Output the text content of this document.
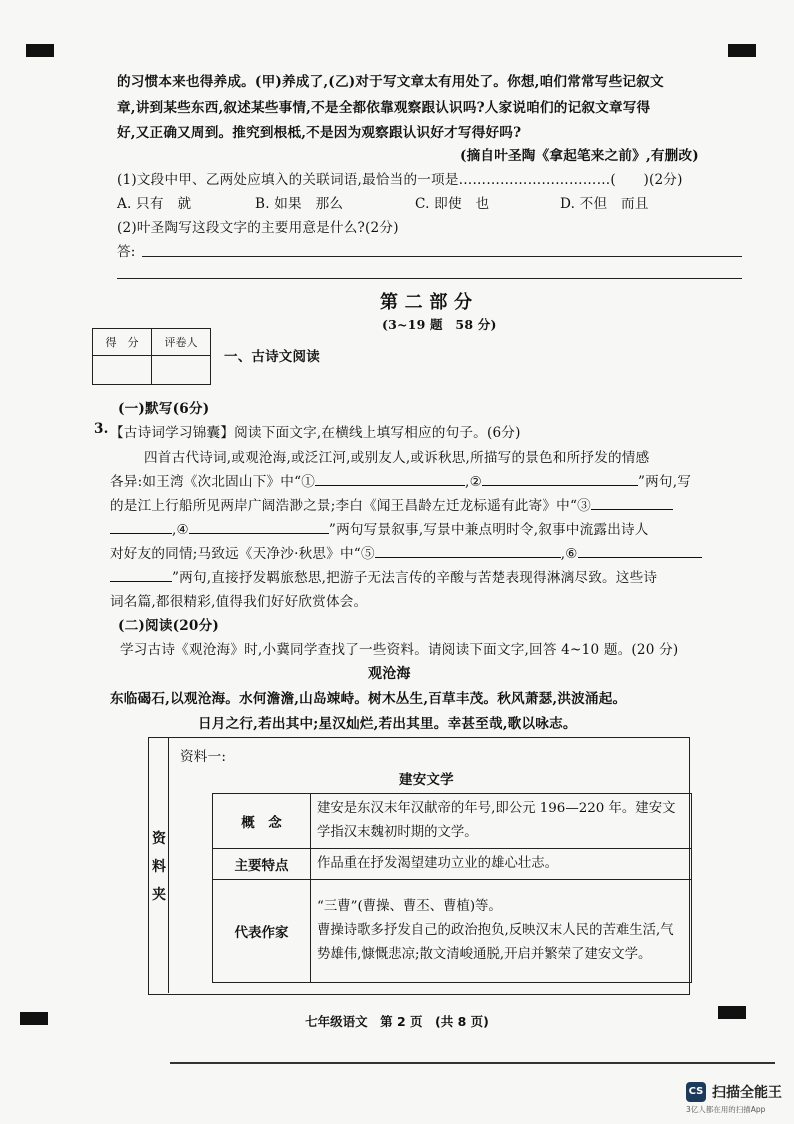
的习惯本来也得养成。(甲)养成了,(乙)对于写文章太有用处了。你想,咱们常常写些记叙文
章,讲到某些东西,叙述某些事情,不是全都依靠观察跟认识吗?人家说咱们的记叙文章写得
好,又正确又周到。推究到根柢,不是因为观察跟认识好才写得好吗?
(摘自叶圣陶《拿起笔来之前》,有删改)
(1)文段中甲、乙两处应填入的关联词语,最恰当的一项是……………………………(　　)(2分)
A. 只有　就	B. 如果　那么	C. 即使　也	D. 不但　而且
(2)叶圣陶写这段文字的主要用意是什么?(2分)
答:
第 二 部 分
(3~19 题　58 分)
得　分	评卷人

一、古诗文阅读
(一)默写(6分)
3. 【古诗词学习锦囊】阅读下面文字,在横线上填写相应的句子。(6分)
四首古代诗词,或观沧海,或泛江河,或别友人,或诉秋思,所描写的景色和所抒发的情感
各异:如王湾《次北固山下》中“①	,②	”两句,写
的是江上行船所见两岸广阔浩渺之景;李白《闻王昌龄左迁龙标遥有此寄》中“③
,④	”两句写景叙事,写景中兼点明时令,叙事中流露出诗人
对好友的同情;马致远《天净沙·秋思》中“⑤	,⑥
”两句,直接抒发羁旅愁思,把游子无法言传的辛酸与苦楚表现得淋漓尽致。这些诗
词名篇,都很精彩,值得我们好好欣赏体会。
(二)阅读(20分)
学习古诗《观沧海》时,小冀同学查找了一些资料。请阅读下面文字,回答 4~10 题。(20 分)
观沧海
东临碣石,以观沧海。水何澹澹,山岛竦峙。树木丛生,百草丰茂。秋风萧瑟,洪波涌起。
日月之行,若出其中;星汉灿烂,若出其里。幸甚至哉,歌以咏志。
资
料
夹
资料一:
建安文学
概　念	建安是东汉末年汉献帝的年号,即公元 196—220 年。建安文学指汉末魏初时期的文学。
主要特点	作品重在抒发渴望建功立业的雄心壮志。
代表作家	“三曹”(曹操、曹丕、曹植)等。
曹操诗歌多抒发自己的政治抱负,反映汉末人民的苦难生活,气势雄伟,慷慨悲凉;散文清峻通脱,开启并繁荣了建安文学。
七年级语文　第 2 页　(共 8 页)
CS 扫描全能王
3亿人都在用的扫描App
